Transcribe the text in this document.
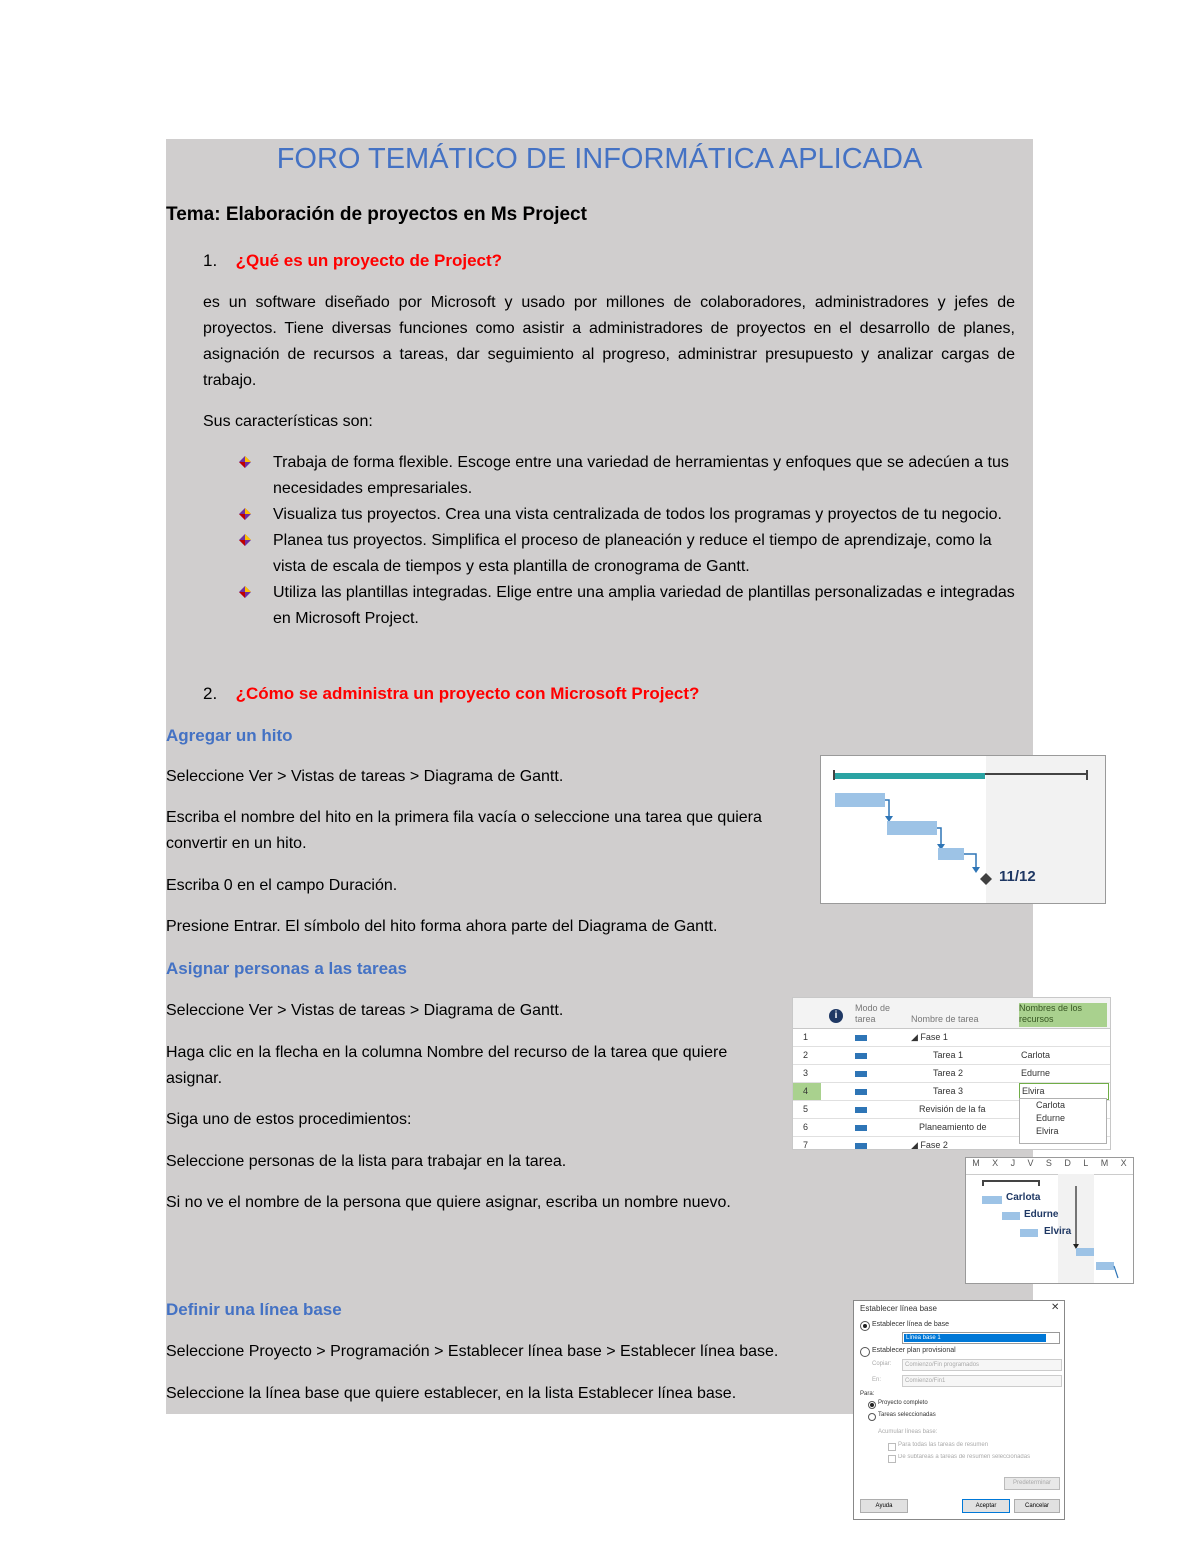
FORO TEMÁTICO DE INFORMÁTICA APLICADA
Tema: Elaboración de proyectos en Ms Project
1. ¿Qué es un proyecto de Project?
es un software diseñado por Microsoft y usado por millones de colaboradores, administradores y jefes de proyectos. Tiene diversas funciones como asistir a administradores de proyectos en el desarrollo de planes, asignación de recursos a tareas, dar seguimiento al progreso, administrar presupuesto y analizar cargas de trabajo.
Sus características son:
Trabaja de forma flexible. Escoge entre una variedad de herramientas y enfoques que se adecúen a tus necesidades empresariales.
Visualiza tus proyectos. Crea una vista centralizada de todos los programas y proyectos de tu negocio.
Planea tus proyectos. Simplifica el proceso de planeación y reduce el tiempo de aprendizaje, como la vista de escala de tiempos y esta plantilla de cronograma de Gantt.
Utiliza las plantillas integradas. Elige entre una amplia variedad de plantillas personalizadas e integradas en Microsoft Project.
2. ¿Cómo se administra un proyecto con Microsoft Project?
Agregar un hito
Seleccione Ver > Vistas de tareas > Diagrama de Gantt.
Escriba el nombre del hito en la primera fila vacía o seleccione una tarea que quiera convertir en un hito.
Escriba 0 en el campo Duración.
Presione Entrar. El símbolo del hito forma ahora parte del Diagrama de Gantt.
Asignar personas a las tareas
Seleccione Ver > Vistas de tareas > Diagrama de Gantt.
Haga clic en la flecha en la columna Nombre del recurso de la tarea que quiere asignar.
Siga uno de estos procedimientos:
Seleccione personas de la lista para trabajar en la tarea.
Si no ve el nombre de la persona que quiere asignar, escriba un nombre nuevo.
Definir una línea base
Seleccione Proyecto > Programación > Establecer línea base > Establecer línea base.
Seleccione la línea base que quiere establecer, en la lista Establecer línea base.
11/12
i
Modo de tarea	Nombre de tarea
Nombres de los recursos
1	◢ Fase 1
2	Tarea 1	Carlota
3	Tarea 2	Edurne
4	Tarea 3	Elvira
5	Revisión de la fa
6	Planeamiento de
7	◢ Fase 2
Carlota
Edurne
Elvira
M X J V S D L M X
Carlota
Edurne
Elvira
Establecer línea base	✕
Establecer línea de base
Línea base 1
Establecer plan provisional
Copiar:	Comienzo/Fin programados
En:	Comienzo/Fin1
Para:
Proyecto completo
Tareas seleccionadas
Acumular líneas base:
Para todas las tareas de resumen
De subtareas a tareas de resumen seleccionadas
Predeterminar
Ayuda	Aceptar	Cancelar
